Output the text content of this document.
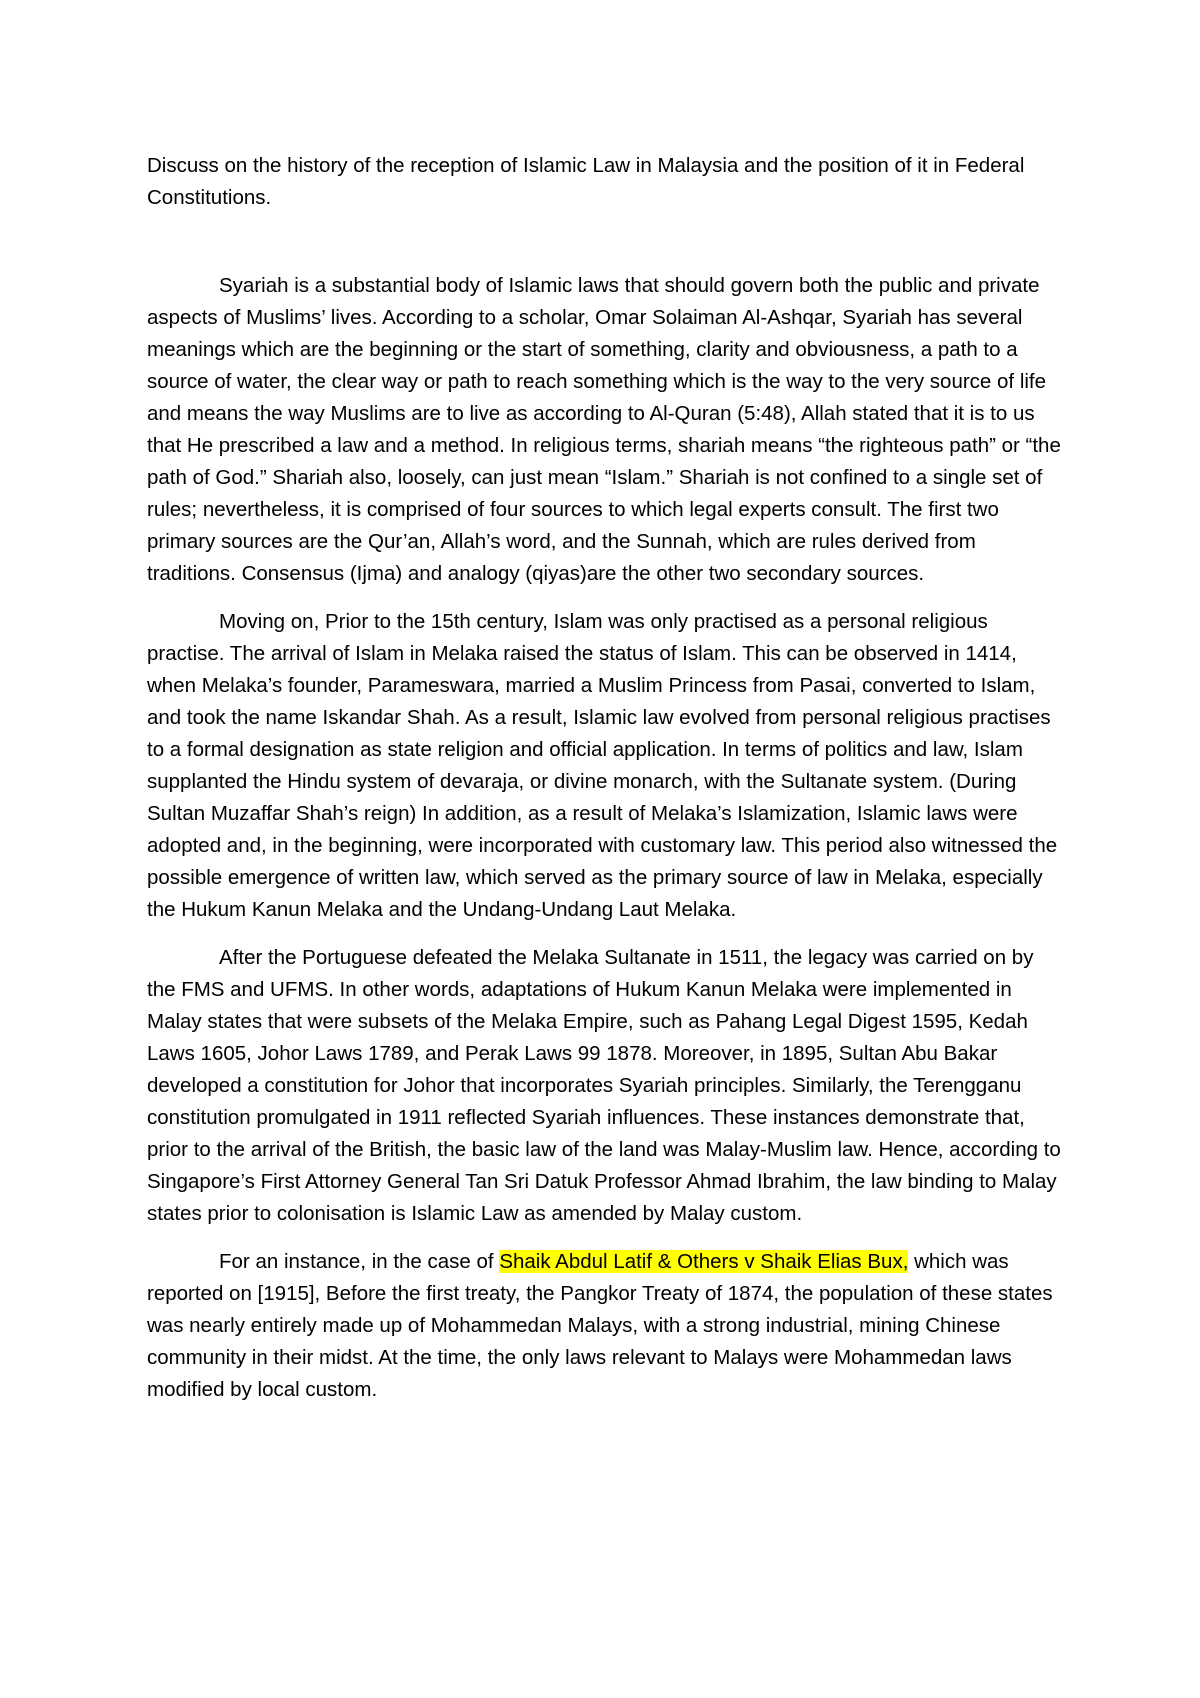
Discuss on the history of the reception of Islamic Law in Malaysia and the position of it in Federal Constitutions.

Syariah is a substantial body of Islamic laws that should govern both the public and private aspects of Muslims’ lives. According to a scholar, Omar Solaiman Al-Ashqar, Syariah has several meanings which are the beginning or the start of something, clarity and obviousness, a path to a source of water, the clear way or path to reach something which is the way to the very source of life and means the way Muslims are to live as according to Al-Quran (5:48), Allah stated that it is to us that He prescribed a law and a method. In religious terms, shariah means “the righteous path” or “the path of God.” Shariah also, loosely, can just mean “Islam.” Shariah is not confined to a single set of rules; nevertheless, it is comprised of four sources to which legal experts consult. The first two primary sources are the Qur’an, Allah’s word, and the Sunnah, which are rules derived from traditions. Consensus (Ijma) and analogy (qiyas)are the other two secondary sources.

Moving on, Prior to the 15th century, Islam was only practised as a personal religious practise. The arrival of Islam in Melaka raised the status of Islam. This can be observed in 1414, when Melaka’s founder, Parameswara, married a Muslim Princess from Pasai, converted to Islam, and took the name Iskandar Shah. As a result, Islamic law evolved from personal religious practises to a formal designation as state religion and official application. In terms of politics and law, Islam supplanted the Hindu system of devaraja, or divine monarch, with the Sultanate system. (During Sultan Muzaffar Shah’s reign) In addition, as a result of Melaka’s Islamization, Islamic laws were adopted and, in the beginning, were incorporated with customary law. This period also witnessed the possible emergence of written law, which served as the primary source of law in Melaka, especially the Hukum Kanun Melaka and the Undang-Undang Laut Melaka.

After the Portuguese defeated the Melaka Sultanate in 1511, the legacy was carried on by the FMS and UFMS. In other words, adaptations of Hukum Kanun Melaka were implemented in Malay states that were subsets of the Melaka Empire, such as Pahang Legal Digest 1595, Kedah Laws 1605, Johor Laws 1789, and Perak Laws 99 1878. Moreover, in 1895, Sultan Abu Bakar developed a constitution for Johor that incorporates Syariah principles. Similarly, the Terengganu constitution promulgated in 1911 reflected Syariah influences. These instances demonstrate that, prior to the arrival of the British, the basic law of the land was Malay-Muslim law. Hence, according to Singapore’s First Attorney General Tan Sri Datuk Professor Ahmad Ibrahim, the law binding to Malay states prior to colonisation is Islamic Law as amended by Malay custom.

For an instance, in the case of Shaik Abdul Latif & Others v Shaik Elias Bux, which was reported on [1915], Before the first treaty, the Pangkor Treaty of 1874, the population of these states was nearly entirely made up of Mohammedan Malays, with a strong industrial, mining Chinese community in their midst. At the time, the only laws relevant to Malays were Mohammedan laws modified by local custom.
